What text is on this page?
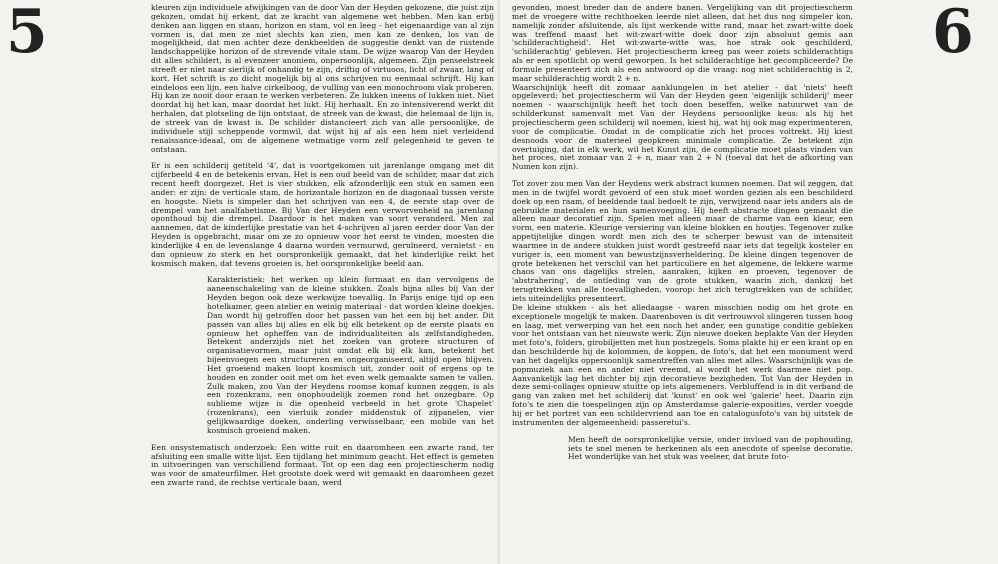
5	6

kleuren zijn individuele afwijkingen van de door Van der Heyden gekozene, die juist zijn gekozen, omdat hij erkent, dat ze kracht van algemene wet hebben. Men kan erbij denken aan liggen en staan, horizon en stam, vol en leeg - het eigenaardige van al zijn vormen is, dat men ze niet slechts kan zien, men kan ze denken, los van de mogelijkheid, dat men achter deze denkbeelden de suggestie denkt van de rustende landschappelijke horizon of de strevende vitale stam. De wijze waarop Van der Heyden dit alles schildert, is al evenzeer anoniem, onpersoonlijk, algemeen. Zijn penseelstreek streeft er niet naar sierlijk of onhandig te zijn, driftig of virtuoos, licht of zwaar, lang of kort. Het schrift is zo dicht mogelijk bij al ons schrijven nu eenmaal schrijft. Hij kan eindeloos een lijn, een halve cirkelboog, de vulling van een monochroom vlak proberen. Hij kan ze nooit door eraan te werken verbeteren. Ze lukken ineens of lukken niet. Niet doordat hij het kan, maar doordat het lukt. Hij herhaalt. En zo intensiverend werkt dit herhalen, dat plotseling de lijn ontstaat, de streek van de kwast, die helemaal de lijn is, de streek van de kwast is. De schilder distancieert zich van alle persoonlijke, de individuele stijl scheppende vormwil, dat wijst hij af als een hem niet verleidend renaissance-ideaal, om de algemene wetmatige vorm zelf gelegenheid te geven te ontstaan.

Er is een schilderij getiteld '4', dat is voortgekomen uit jarenlange omgang met dit cijferbeeld 4 en de betekenis ervan. Het is een oud beeld van de schilder, maar dat zich recent heeft doorgezet. Het is vier stukken, elk afzonderlijk een stuk en samen een ander: er zijn: de verticale stam, de horizontale horizon en de diagonaal tussen verste en hoogste. Niets is simpeler dan het schrijven van een 4, de eerste stap over de drempel van het analfabetisme. Bij Van der Heyden een verworvenheid na jarenlang oponthoud bij die drempel. Daardoor is het maken van soort veranderd. Men zal aannemen, dat de kinderlijke prestatie van het 4-schrijven al jaren eerder door Van der Heyden is opgebracht, maar om ze zo opnieuw voor het eerst te vinden, moesten die kinderlijke 4 en de levenslange 4 daarna worden vermurwd, geruïneerd, vernietst - en dan opnieuw zo sterk en het oorspronkelijk gemaakt, dat het kinderlijke reikt het kosmisch maken, dat tevens groeien is, het oorspronkelijke beeld aan.

Karakteristiek: het werken op klein formaat en dan vervolgens de aaneenschakeling van de kleine stukken. Zoals bijna alles bij Van der Heyden begon ook deze werkwijze toevallig. In Parijs enige tijd op een hotelkamer, geen atelier en weinig materiaal - dat worden kleine doekjes. Dan wordt hij getroffen door het passen van het een bij het ander. Dit passen van alles bij alles en elk bij elk betekent op de eerste plaats en opnieuw het opheffen van de individualiteiten als zelfstandigheden. Betekent anderzijds niet het zoeken van grotere structuren of organisatievormen, maar juist omdat elk bij elk kan, betekent het bijeenvoegen een structureren en ongeorganiseerd, altijd open blijven. Het groeiend maken loopt kosmisch uit, zonder ooit of ergens op te houden en zonder ooit met om het even welk gemaakte samen te vallen. Zulk maken, zou Van der Heydens roomse komaf kunnen zeggen, is als een rozenkrans, een onophoudelijk zoemen rond het onzegbare. Op sublieme wijze is die openheid verbeeld in het grote 'Chapelet' (rozenkrans), een vierluik zonder middenstuk of zijpanelen, vier gelijkwaardige doeken, onderling verwisselbaar, een mobile van het kosmisch groeiend maken.

Een onsystematisch onderzoek: Een witte ruit en daaromheen een zwarte rand, ter afsluiting een smalle witte lijst. Een tijdlang het minimum geacht. Het effect is gemeten in uitvoeringen van verschillend formaat. Tot op een dag een projectiescherm nodig was voor de amateurfilmer. Het grootste doek werd wit gemaakt en daaromheen gezet een zwarte rand, de rechtse verticale baan, werd

gevonden, moest breder dan de andere banen. Vergelijking van dit projectiescherm met de vroegere witte rechthoeken leerde niet alleen, dat het dus nog simpeler kon, namelijk zonder afsluitende, als lijst werkende witte rand, maar het zwart-witte doek was treffend maast het wit-zwart-witte doek door zijn absoluut gemis aan 'schilderachtigheid'. Het wit-zwarte-witte was, hoe strak ook geschilderd, 'schilderachtig' gebleven. Het projectiescherm kreeg pas weer zoiets schilderachtigs als er een spotlicht op werd geworpen. Is het schilderachtige het gecompliceerde? De formule presenteert zich als een antwoord op die vraag: nog niet schilderachtig is 2, maar schilderachtig wordt 2 + n.

Waarschijnlijk heeft dit zomaar aanklungelen in het atelier - dat 'niets' heeft opgeleverd: het projectiescherm wil Van der Heyden geen 'eigenlijk schilderij' meer noemen - waarschijnlijk heeft het toch doen beseffen, welke natuurwet van de schilderkunst samenvalt met Van der Heydens persoonlijke keus: als hij het projectiescherm geen schilderij wil noemen, kiest hij, wat hij ook mag experimenteren, voor de complicatie. Omdat in de complicatie zich het proces voltrekt. Hij kiest desnoods voor de materieel geopkreen minimale complicatie. Ze betekent zijn overtuiging, dat in elk werk, wil het Kunst zijn, de complicatie moet plaats vinden van het proces, niet zomaar van 2 + n, maar van 2 + N (toeval dat het de afkorting van Numen kon zijn).

Tot zover zou men Van der Heydens werk abstract kunnen noemen. Dat wil zeggen, dat men in de twijfel wordt gevoerd of een stuk moet worden gezien als een beschilderd doek op een raam, of beeldende taal bedoelt te zijn, verwijzend naar iets anders als de gebruikte materialen en hun samenvoeging. Hij heeft abstracte dingen gemaakt die alleen maar decoratief zijn. Spelen met alleen maar de charme van een kleur, een vorm, een materie. Kleurige versiering van kleine blokken en houtjes. Tegenover zulke appetijtelijke dingen wordt men zich des te scherper bewust van de intensiteit waarmee in de andere stukken juist wordt gestreefd naar iets dat tegelijk kosteler en vuriger is, een moment van bewustzijnsverheldering. De kleine dingen tegenover de grote betekenen het verschil van het particuliere en het algemene, de lekkere warme chaos van ons dagelijks strelen, aanraken, kijken en proeven, tegenover de 'abstrahering', de ontleding van de grote stukken, waarin zich, dankzij het terugtrekken van alle toevalligheden, voorop: het zich terugtrekken van de schilder, iets uiteindelijks presenteert.

De kleine stukken - als het alledaagse - waren misschien nodig om het grote en exceptionele mogelijk te maken. Daarenboven is dit vertrouwvol slingeren tussen hoog en laag, met verwerping van het een noch het ander, een gunstige conditie gebleken voor het ontstaan van het nieuwste werk. Zijn nieuwe doeken beplakte Van der Heyden met foto's, folders, girobiljetten met hun postzegels. Soms plakte hij er een krant op en dan beschilderde hij de kolommen, de koppen, de foto's, dat het een monument werd van het dagelijks oppersoonlijk samentreffen van alles met alles. Waarschijnlijk was de popmuziek aan een en ander niet vreemd, al wordt het werk daarmee niet pop. Aanvankelijk lag het dichter bij zijn decoratieve bezigheden. Tot Van der Heyden in deze semi-collages opnieuw stuitte op iets algemeners. Verbluffend is in dit verband de gang van zaken met het schilderij dat 'kunst' en ook wel 'galerie' heet. Daarin zijn foto's te zien die toespelingen zijn op Amsterdamse galerie-exposities, verder voegde hij er het portret van een schildervriend aan toe en catalogusfoto's van bij uitstek de instrumenten der algemeenheid: passeretui's.

Men heeft de oorspronkelijke versie, onder invloed van de pophouding, iets te snel menen te herkennen als een anecdote of speelse decoratie. Het wonderlijke van het stuk was veeleer, dat brute foto-
